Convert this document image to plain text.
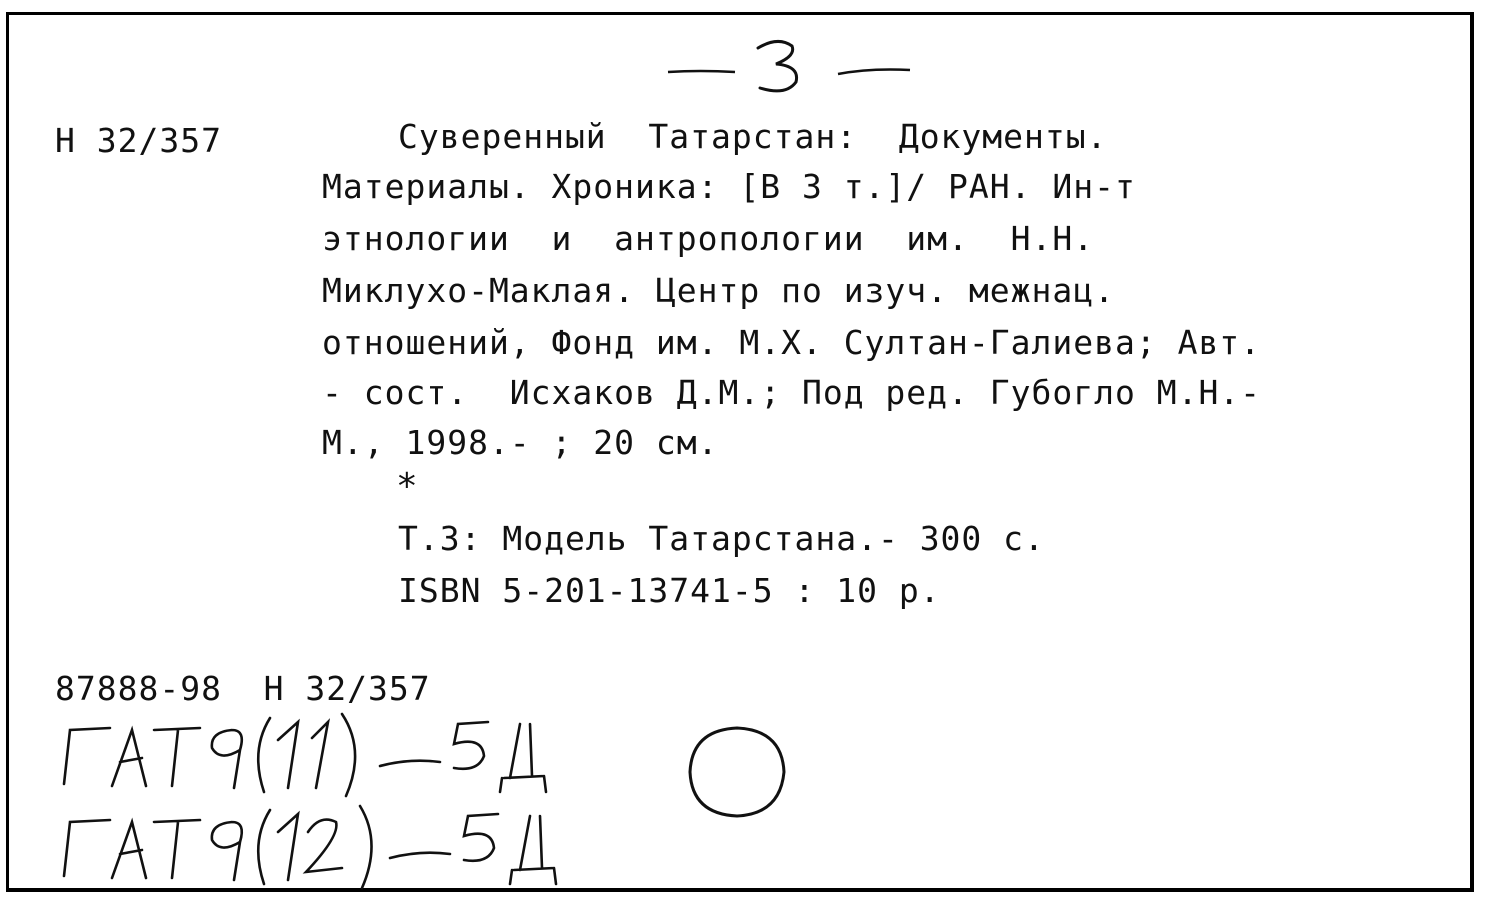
Н 32/357	Суверенный  Татарстан:  Документы.
Материалы. Хроника: [В 3 т.]/ РАН. Ин-т
этнологии  и  антропологии  им.  Н.Н.
Миклухо-Маклая. Центр по изуч. межнац.
отношений, Фонд им. М.Х. Султан-Галиева; Авт.
- сост.  Исхаков Д.М.; Под ред. Губогло М.Н.-
М., 1998.- ; 20 см.
*
Т.3: Модель Татарстана.- 300 с.
ISBN 5-201-13741-5 : 10 р.
87888-98  Н 32/357
